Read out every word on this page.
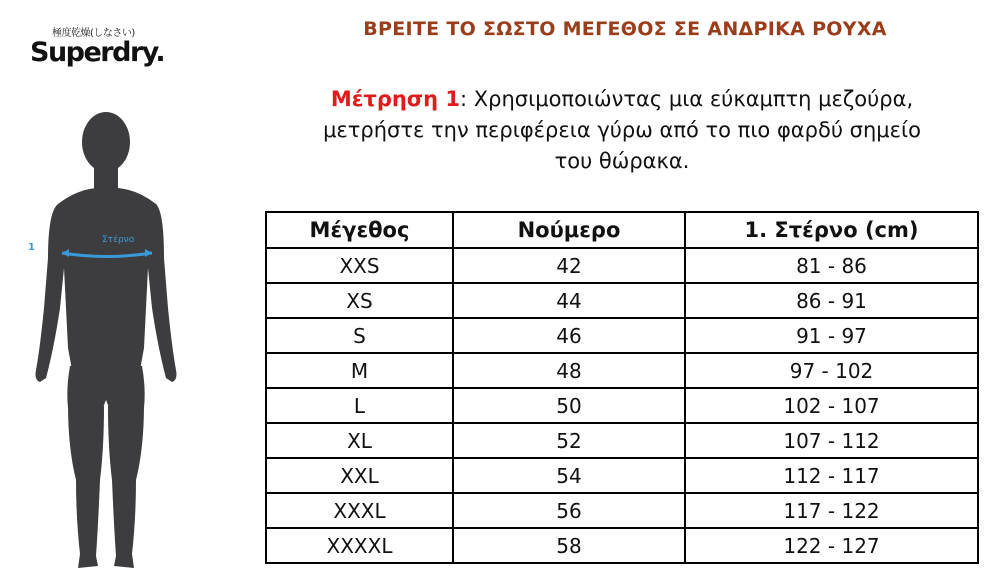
極度乾燥(しなさい)
Superdry.
Στέρνο
1
ΒΡΕΙΤΕ ΤΟ ΣΩΣΤΟ ΜΕΓΕΘΟΣ ΣΕ ΑΝΔΡΙΚΑ ΡΟΥΧΑ
Μέτρηση 1: Χρησιμοποιώντας μια εύκαμπτη μεζούρα,
μετρήστε την περιφέρεια γύρω από το πιο φαρδύ σημείο
του θώρακα.
Μέγεθος	Νούμερο	1. Στέρνο (cm)
XXS	42	81 - 86
XS	44	86 - 91
S	46	91 - 97
M	48	97 - 102
L	50	102 - 107
XL	52	107 - 112
XXL	54	112 - 117
XXXL	56	117 - 122
XXXXL	58	122 - 127
